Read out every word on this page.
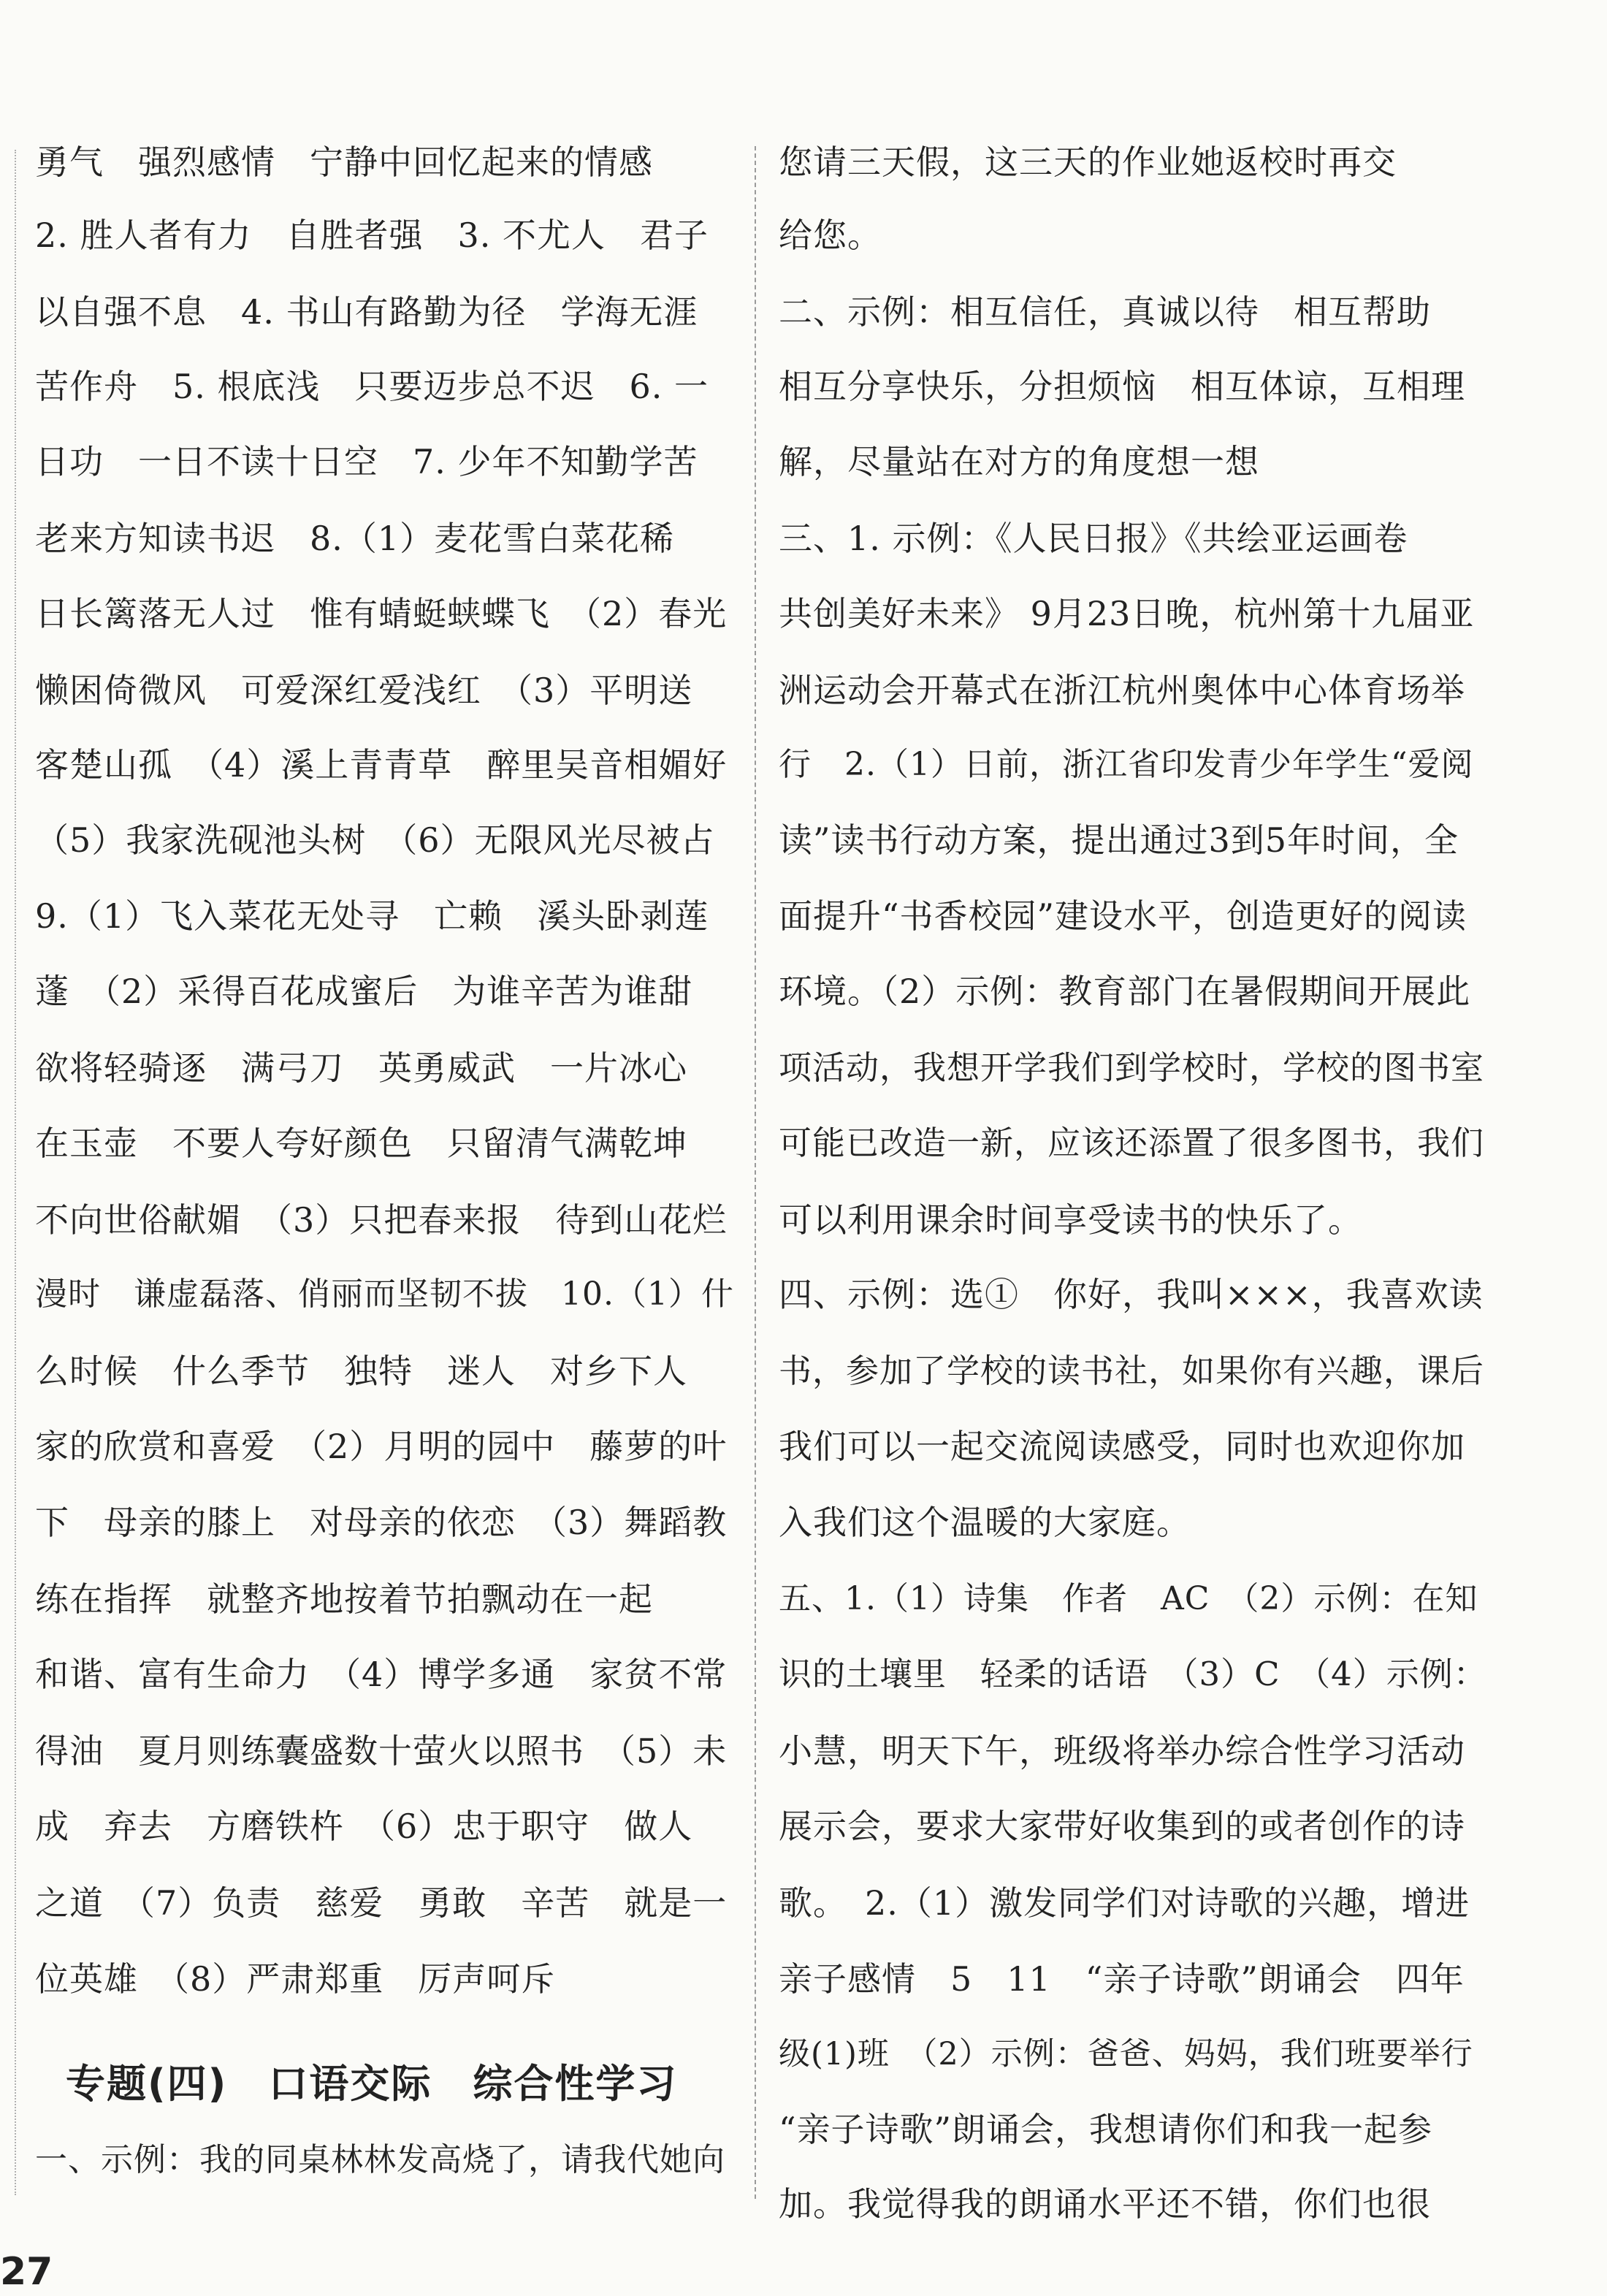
勇气　强烈感情　宁静中回忆起来的情感
2. 胜人者有力　自胜者强　3. 不尤人　君子
以自强不息　4. 书山有路勤为径　学海无涯
苦作舟　5. 根底浅　只要迈步总不迟　6. 一
日功　一日不读十日空　7. 少年不知勤学苦
老来方知读书迟　8.（1）麦花雪白菜花稀
日长篱落无人过　惟有蜻蜓蛱蝶飞　（2）春光
懒困倚微风　可爱深红爱浅红　（3）平明送
客楚山孤　（4）溪上青青草　醉里吴音相媚好
（5）我家洗砚池头树　（6）无限风光尽被占
9.（1）飞入菜花无处寻　亡赖　溪头卧剥莲
蓬　（2）采得百花成蜜后　为谁辛苦为谁甜
欲将轻骑逐　满弓刀　英勇威武　一片冰心
在玉壶　不要人夸好颜色　只留清气满乾坤
不向世俗献媚　（3）只把春来报　待到山花烂
漫时　谦虚磊落、俏丽而坚韧不拔　10.（1）什
么时候　什么季节　独特　迷人　对乡下人
家的欣赏和喜爱　（2）月明的园中　藤萝的叶
下　母亲的膝上　对母亲的依恋　（3）舞蹈教
练在指挥　就整齐地按着节拍飘动在一起
和谐、富有生命力　（4）博学多通　家贫不常
得油　夏月则练囊盛数十萤火以照书　（5）未
成　弃去　方磨铁杵　（6）忠于职守　做人
之道　（7）负责　慈爱　勇敢　辛苦　就是一
位英雄　（8）严肃郑重　厉声呵斥
一、示例：我的同桌林林发高烧了，请我代她向
专题(四)　口语交际　综合性学习
您请三天假，这三天的作业她返校时再交
给您。
二、示例：相互信任，真诚以待　相互帮助
相互分享快乐，分担烦恼　相互体谅，互相理
解，尽量站在对方的角度想一想
三、1. 示例：《人民日报》《共绘亚运画卷
共创美好未来》 9月23日晚，杭州第十九届亚
洲运动会开幕式在浙江杭州奥体中心体育场举
行　2.（1）日前，浙江省印发青少年学生“爱阅
读”读书行动方案，提出通过3到5年时间，全
面提升“书香校园”建设水平，创造更好的阅读
环境。（2）示例：教育部门在暑假期间开展此
项活动，我想开学我们到学校时，学校的图书室
可能已改造一新，应该还添置了很多图书，我们
可以利用课余时间享受读书的快乐了。
四、示例：选①　你好，我叫×××，我喜欢读
书，参加了学校的读书社，如果你有兴趣，课后
我们可以一起交流阅读感受，同时也欢迎你加
入我们这个温暖的大家庭。
五、1.（1）诗集　作者　AC　（2）示例：在知
识的土壤里　轻柔的话语　（3）C　（4）示例：
小慧，明天下午，班级将举办综合性学习活动
展示会，要求大家带好收集到的或者创作的诗
歌。　2.（1）激发同学们对诗歌的兴趣，增进
亲子感情　5　11　“亲子诗歌”朗诵会　四年
级(1)班　（2）示例：爸爸、妈妈，我们班要举行
“亲子诗歌”朗诵会，我想请你们和我一起参
加。我觉得我的朗诵水平还不错，你们也很
27
